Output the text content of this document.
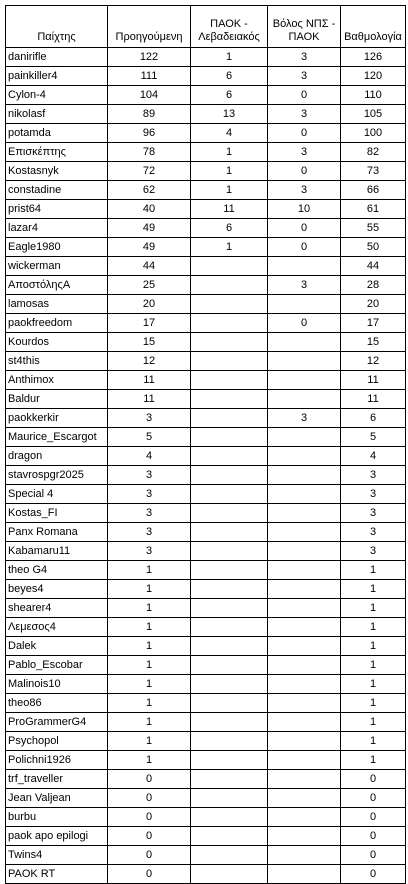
Παίχτης	Προηγούμενη	ΠΑΟΚ - Λεβαδειακός	Βόλος ΝΠΣ - ΠΑΟΚ	Βαθμολογία
danirifle	122	1	3	126
painkiller4	111	6	3	120
Cylon-4	104	6	0	110
nikolasf	89	13	3	105
potamda	96	4	0	100
Επισκέπτης	78	1	3	82
Kostasnyk	72	1	0	73
constadine	62	1	3	66
prist64	40	11	10	61
lazar4	49	6	0	55
Eagle1980	49	1	0	50
wickerman	44			44
ΑποστόληςΑ	25		3	28
lamosas	20			20
paokfreedom	17		0	17
Kourdos	15			15
st4this	12			12
Anthimox	11			11
Baldur	11			11
paokkerkir	3		3	6
Maurice_Escargot	5			5
dragon	4			4
stavrospgr2025	3			3
Special 4	3			3
Kostas_FI	3			3
Panx Romana	3			3
Kabamaru11	3			3
theo G4	1			1
beyes4	1			1
shearer4	1			1
Λεμεσος4	1			1
Dalek	1			1
Pablo_Escobar	1			1
Malinois10	1			1
theo86	1			1
ProGrammerG4	1			1
Psychopol	1			1
Polichni1926	1			1
trf_traveller	0			0
Jean Valjean	0			0
burbu	0			0
paok apo epilogi	0			0
Twins4	0			0
PAOK RT	0			0
